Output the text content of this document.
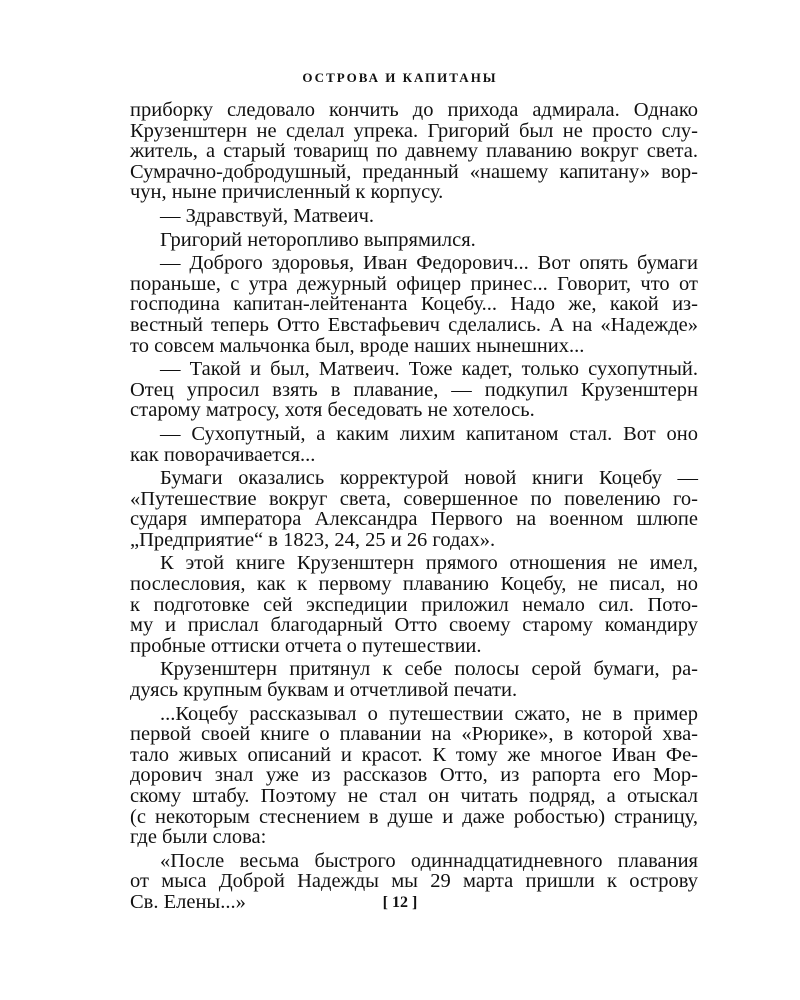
ОСТРОВА И КАПИТАНЫ

приборку следовало кончить до прихода адмирала. Однако

Крузенштерн не сделал упрека. Григорий был не просто слу-

житель, а старый товарищ по давнему плаванию вокруг света.

Сумрачно-добродушный, преданный «нашему капитану» вор-

чун, ныне причисленный к корпусу.

— Здравствуй, Матвеич.

Григорий неторопливо выпрямился.

— Доброго здоровья, Иван Федорович... Вот опять бумаги

пораньше, с утра дежурный офицер принес... Говорит, что от

господина капитан-лейтенанта Коцебу... Надо же, какой из-

вестный теперь Отто Евстафьевич сделались. А на «Надежде»

то совсем мальчонка был, вроде наших нынешних...

— Такой и был, Матвеич. Тоже кадет, только сухопутный.

Отец упросил взять в плавание, — подкупил Крузенштерн

старому матросу, хотя беседовать не хотелось.

— Сухопутный, а каким лихим капитаном стал. Вот оно

как поворачивается...

Бумаги оказались корректурой новой книги Коцебу —

«Путешествие вокруг света, совершенное по повелению го-

сударя императора Александра Первого на военном шлюпе

„Предприятие“ в 1823, 24, 25 и 26 годах».

К этой книге Крузенштерн прямого отношения не имел,

послесловия, как к первому плаванию Коцебу, не писал, но

к подготовке сей экспедиции приложил немало сил. Пото-

му и прислал благодарный Отто своему старому командиру

пробные оттиски отчета о путешествии.

Крузенштерн притянул к себе полосы серой бумаги, ра-

дуясь крупным буквам и отчетливой печати.

...Коцебу рассказывал о путешествии сжато, не в пример

первой своей книге о плавании на «Рюрике», в которой хва-

тало живых описаний и красот. К тому же многое Иван Фе-

дорович знал уже из рассказов Отто, из рапорта его Мор-

скому штабу. Поэтому не стал он читать подряд, а отыскал

(с некоторым стеснением в душе и даже робостью) страницу,

где были слова:

«После весьма быстрого одиннадцатидневного плавания

от мыса Доброй Надежды мы 29 марта пришли к острову

Св. Елены...»	[ 12 ]
